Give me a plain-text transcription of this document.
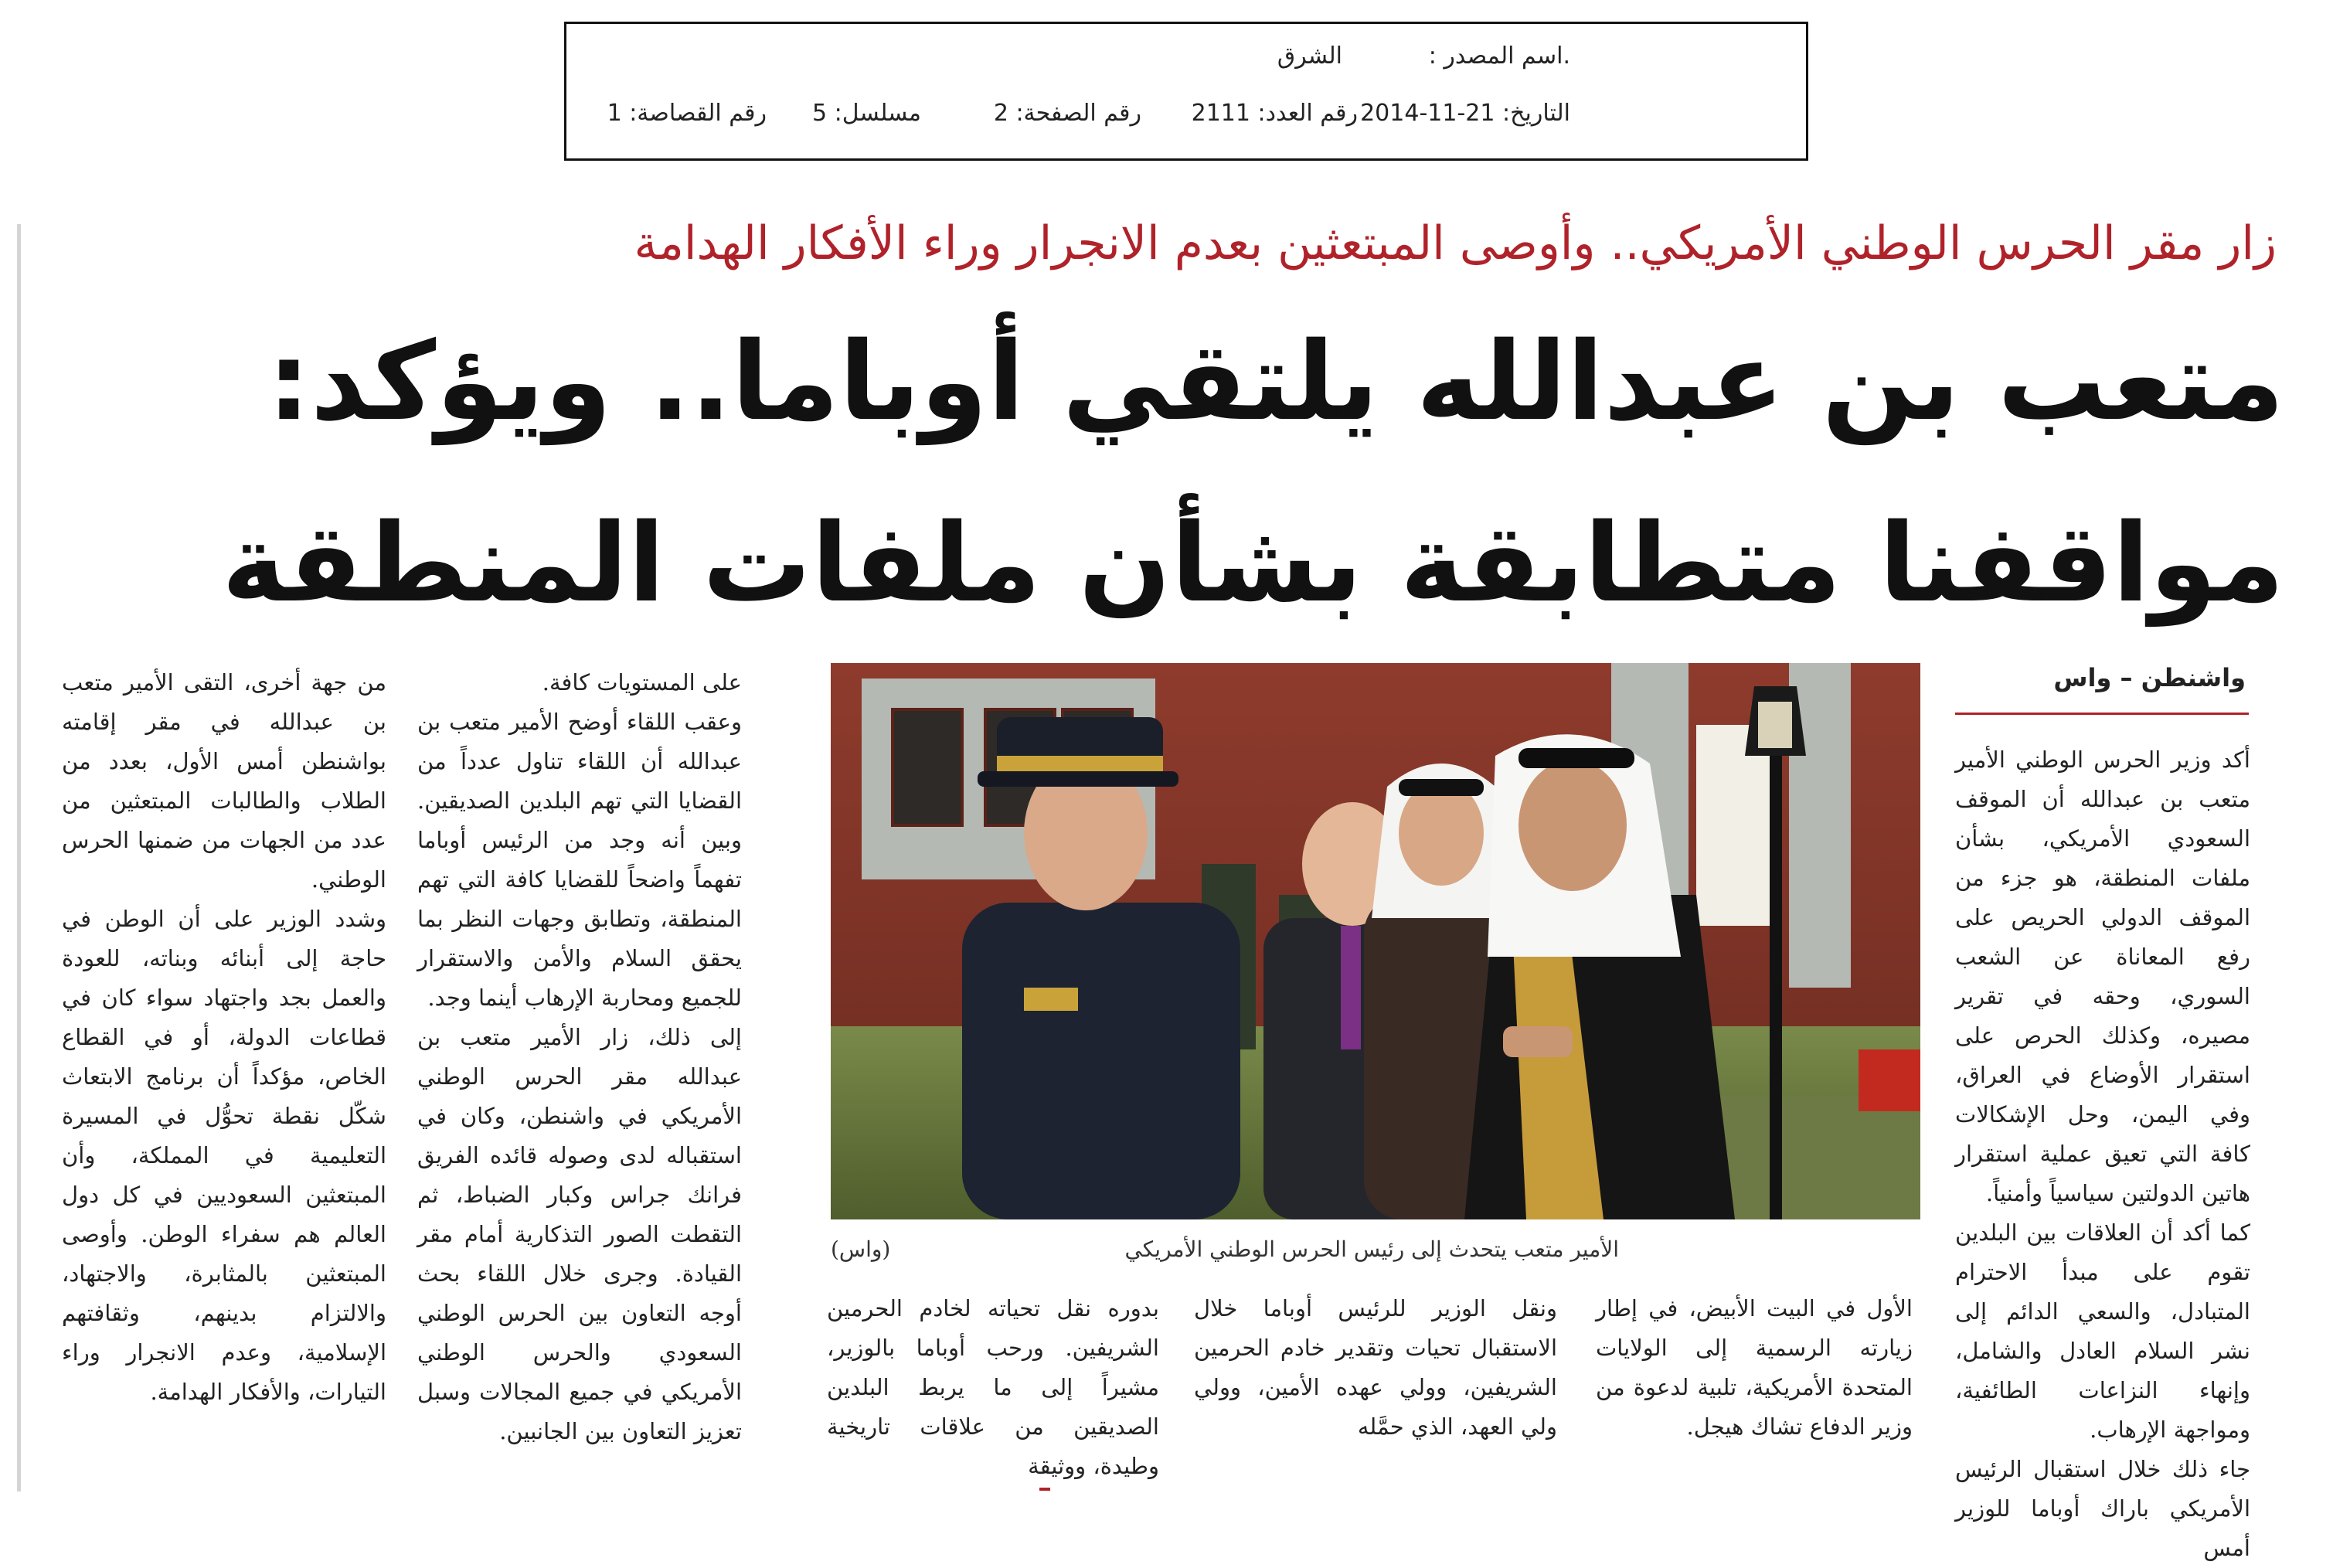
.اسم المصدر :
الشرق
التاريخ: 21-11-2014
رقم العدد: 2111
رقم الصفحة: 2
مسلسل: 5
رقم القصاصة: 1
زار مقر الحرس الوطني الأمريكي.. وأوصى المبتعثين بعدم الانجرار وراء الأفكار الهدامة
متعب بن عبدالله يلتقي أوباما.. ويؤكد:
مواقفنا متطابقة بشأن ملفات المنطقة
واشنطن – واس

أكد وزير الحرس الوطني الأمير متعب بن عبدالله أن الموقف السعودي الأمريكي، بشأن ملفات المنطقة، هو جزء من الموقف الدولي الحريص على رفع المعاناة عن الشعب السوري، وحقه في تقرير مصيره، وكذلك الحرص على استقرار الأوضاع في العراق، وفي اليمن، وحل الإشكالات كافة التي تعيق عملية استقرار هاتين الدولتين سياسياً وأمنياً.

كما أكد أن العلاقات بين البلدين تقوم على مبدأ الاحترام المتبادل، والسعي الدائم إلى نشر السلام العادل والشامل، وإنهاء النزاعات الطائفية، ومواجهة الإرهاب.

جاء ذلك خلال استقبال الرئيس الأمريكي باراك أوباما للوزير أمس

الأمير متعب يتحدث إلى رئيس الحرس الوطني الأمريكي
(واس)

الأول في البيت الأبيض، في إطار زيارته الرسمية إلى الولايات المتحدة الأمريكية، تلبية لدعوة من وزير الدفاع تشاك هيجل.

ونقل الوزير للرئيس أوباما خلال الاستقبال تحيات وتقدير خادم الحرمين الشريفين، وولي عهده الأمين، وولي ولي العهد، الذي حمَّله

بدوره نقل تحياته لخادم الحرمين الشريفين. ورحب أوباما بالوزير، مشيراً إلى ما يربط البلدين الصديقين من علاقات تاريخية وطيدة، ووثيقة

على المستويات كافة.

وعقب اللقاء أوضح الأمير متعب بن عبدالله أن اللقاء تناول عدداً من القضايا التي تهم البلدين الصديقين. وبين أنه وجد من الرئيس أوباما تفهماً واضحاً للقضايا كافة التي تهم المنطقة، وتطابق وجهات النظر بما يحقق السلام والأمن والاستقرار للجميع ومحاربة الإرهاب أينما وجد.

إلى ذلك، زار الأمير متعب بن عبدالله مقر الحرس الوطني الأمريكي في واشنطن، وكان في استقباله لدى وصوله قائده الفريق فرانك جراس وكبار الضباط، ثم التقطت الصور التذكارية أمام مقر القيادة. وجرى خلال اللقاء بحث أوجه التعاون بين الحرس الوطني السعودي والحرس الوطني الأمريكي في جميع المجالات وسبل تعزيز التعاون بين الجانبين.

من جهة أخرى، التقى الأمير متعب بن عبدالله في مقر إقامته بواشنطن أمس الأول، بعدد من الطلاب والطالبات المبتعثين من عدد من الجهات من ضمنها الحرس الوطني.

وشدد الوزير على أن الوطن في حاجة إلى أبنائه وبناته، للعودة والعمل بجد واجتهاد سواء كان في قطاعات الدولة، أو في القطاع الخاص، مؤكداً أن برنامج الابتعاث شكّل نقطة تحوُّل في المسيرة التعليمية في المملكة، وأن المبتعثين السعوديين في كل دول العالم هم سفراء الوطن. وأوصى المبتعثين بالمثابرة، والاجتهاد، والالتزام بدينهم، وثقافتهم الإسلامية، وعدم الانجرار وراء التيارات، والأفكار الهدامة.
